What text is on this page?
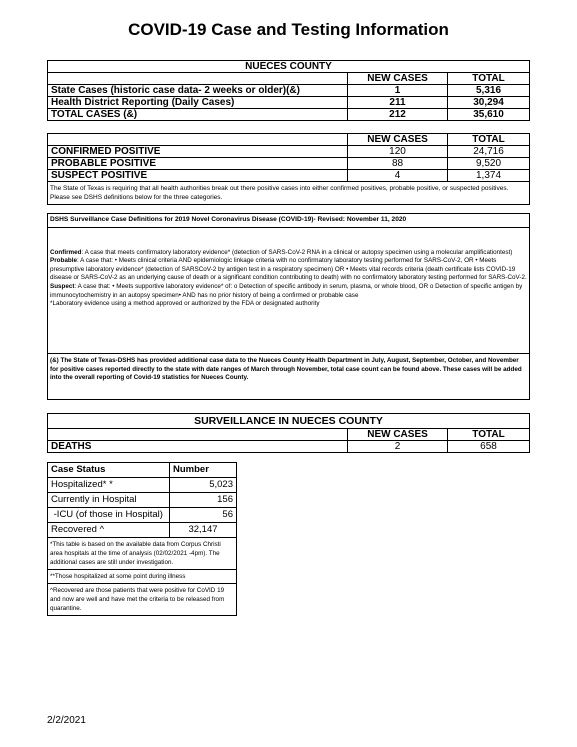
COVID-19 Case and Testing Information
NUECES COUNTY		
	NEW CASES	TOTAL
State Cases (historic case data- 2 weeks or older)(&)	1	5,316
Health District Reporting (Daily Cases)	211	30,294
TOTAL CASES (&)	212	35,610
	NEW CASES	TOTAL
CONFIRMED POSITIVE	120	24,716
PROBABLE POSITIVE	88	9,520
SUSPECT POSITIVE	4	1,374
The State of Texas is requiring that all health authorities break out there positive cases into either confirmed positives, probable positive, or suspected positives. Please see DSHS definitions below for the three categories.		
DSHS Surveillance Case Definitions for 2019 Novel Coronavirus Disease (COVID-19)- Revised: November 11, 2020
Confirmed: A case that meets confirmatory laboratory evidence* (detection of SARS-CoV-2 RNA in a clinical or autopsy specimen using a molecular amplificationtest)
Probable: A case that: • Meets clinical criteria AND epidemiologic linkage criteria with no confirmatory laboratory testing performed for SARS-CoV-2, OR • Meets presumptive laboratory evidence* (detection of SARSCoV-2 by antigen test in a respiratory specimen) OR • Meets vital records criteria (death certificate lists COVID-19 disease or SARS-CoV-2 as an underlying cause of death or a significant condition contributing to death) with no confirmatory laboratory testing performed for SARS-CoV-2.
Suspect: A case that: • Meets supportive laboratory evidence* of: o Detection of specific antibody in serum, plasma, or whole blood, OR o Detection of specific antigen by immunocytochemistry in an autopsy specimen• AND has no prior history of being a confirmed or probable case
*Laboratory evidence using a method approved or authorized by the FDA or designated authority
(&) The State of Texas-DSHS has provided additional case data to the Nueces County Health Department in July, August, September, October, and November for positive cases reported directly to the state with date ranges of March through November, total case count can be found above. These cases will be added into the overall reporting of Covid-19 statistics for Nueces County.
SURVEILLANCE IN NUECES COUNTY		
	NEW CASES	TOTAL
DEATHS	2	658
Case Status	Number
Hospitalized* *	5,023
Currently in Hospital	156
-ICU (of those in Hospital)	56
Recovered ^	32,147
*This table is based on the available data from Corpus Christi area hospitals at the time of analysis (02/02/2021 -4pm). The additional cases are still under investigation.	
**Those hospitalized at some point during illness	
^Recovered are those patients that were positive for CoVID 19 and now are well and have met the criteria to be released from quarantine.	
2/2/2021
